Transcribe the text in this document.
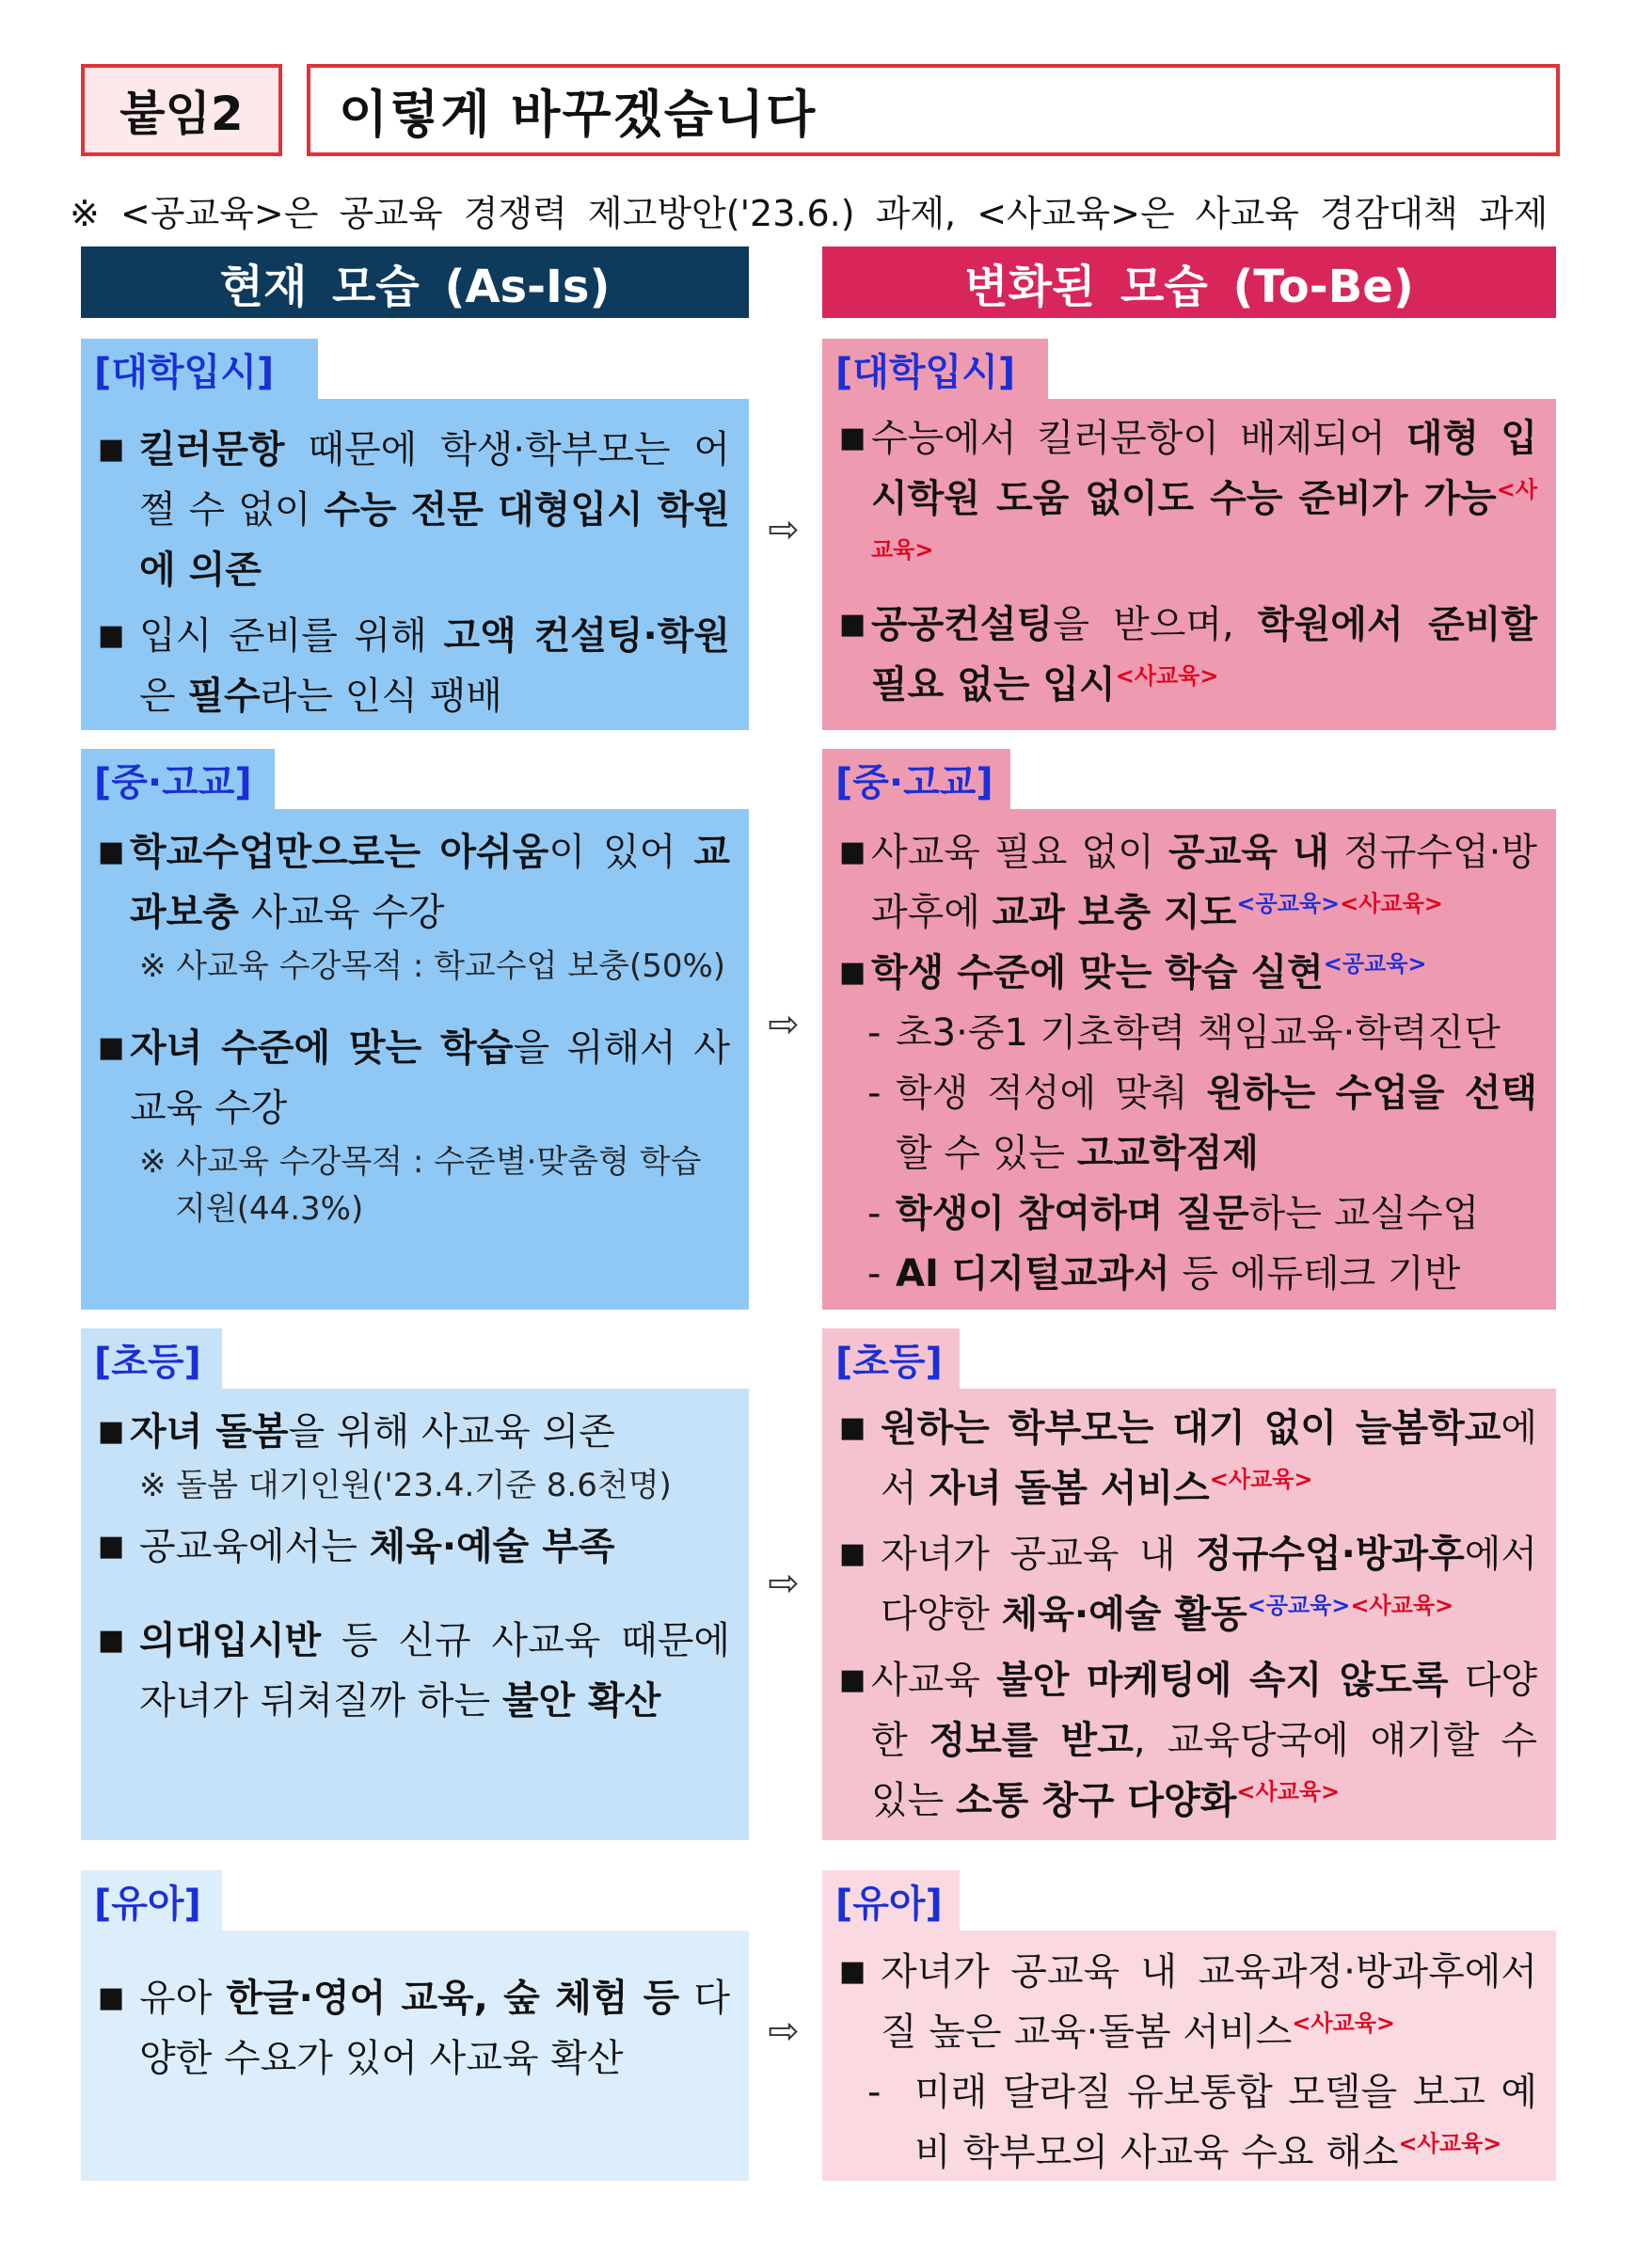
붙임2 이렇게 바꾸겠습니다
※ <공교육>은 공교육 경쟁력 제고방안('23.6.) 과제, <사교육>은 사교육 경감대책 과제
현재 모습 (As-Is)	변화된 모습 (To-Be)
[대학입시]
■ 킬러문항 때문에 학생·학부모는 어쩔 수 없이 수능 전문 대형입시 학원에 의존
■ 입시 준비를 위해 고액 컨설팅·학원은 필수라는 인식 팽배
⇨
[대학입시]
■ 수능에서 킬러문항이 배제되어 대형 입시학원 도움 없이도 수능 준비가 가능$^{<사교육>}$
■ 공공컨설팅을 받으며, 학원에서 준비할 필요 없는 입시$^{<사교육>}$
[중·고교]
■ 학교수업만으로는 아쉬움이 있어 교과보충 사교육 수강
※ 사교육 수강목적 : 학교수업 보충(50%)
■ 자녀 수준에 맞는 학습을 위해서 사교육 수강
※ 사교육 수강목적 : 수준별·맞춤형 학습
지원(44.3%)
⇨
[중·고교]
■ 사교육 필요 없이 공교육 내 정규수업·방과후에 교과 보충 지도$^{<공교육><사교육>}$
■ 학생 수준에 맞는 학습 실현$^{<공교육>}$
- 초3·중1 기초학력 책임교육·학력진단
- 학생 적성에 맞춰 원하는 수업을 선택할 수 있는 고교학점제
- 학생이 참여하며 질문하는 교실수업
- AI 디지털교과서 등 에듀테크 기반
[초등]
■ 자녀 돌봄을 위해 사교육 의존
※ 돌봄 대기인원('23.4.기준 8.6천명)
■ 공교육에서는 체육·예술 부족
■ 의대입시반 등 신규 사교육 때문에 자녀가 뒤쳐질까 하는 불안 확산
⇨
[초등]
■ 원하는 학부모는 대기 없이 늘봄학교에서 자녀 돌봄 서비스$^{<사교육>}$
■ 자녀가 공교육 내 정규수업·방과후에서 다양한 체육·예술 활동$^{<공교육><사교육>}$
■ 사교육 불안 마케팅에 속지 않도록 다양한 정보를 받고, 교육당국에 얘기할 수 있는 소통 창구 다양화$^{<사교육>}$
[유아]
■ 유아 한글·영어 교육, 숲 체험 등 다양한 수요가 있어 사교육 확산
⇨
[유아]
■ 자녀가 공교육 내 교육과정·방과후에서 질 높은 교육·돌봄 서비스$^{<사교육>}$
- 미래 달라질 유보통합 모델을 보고 예비 학부모의 사교육 수요 해소$^{<사교육>}$
